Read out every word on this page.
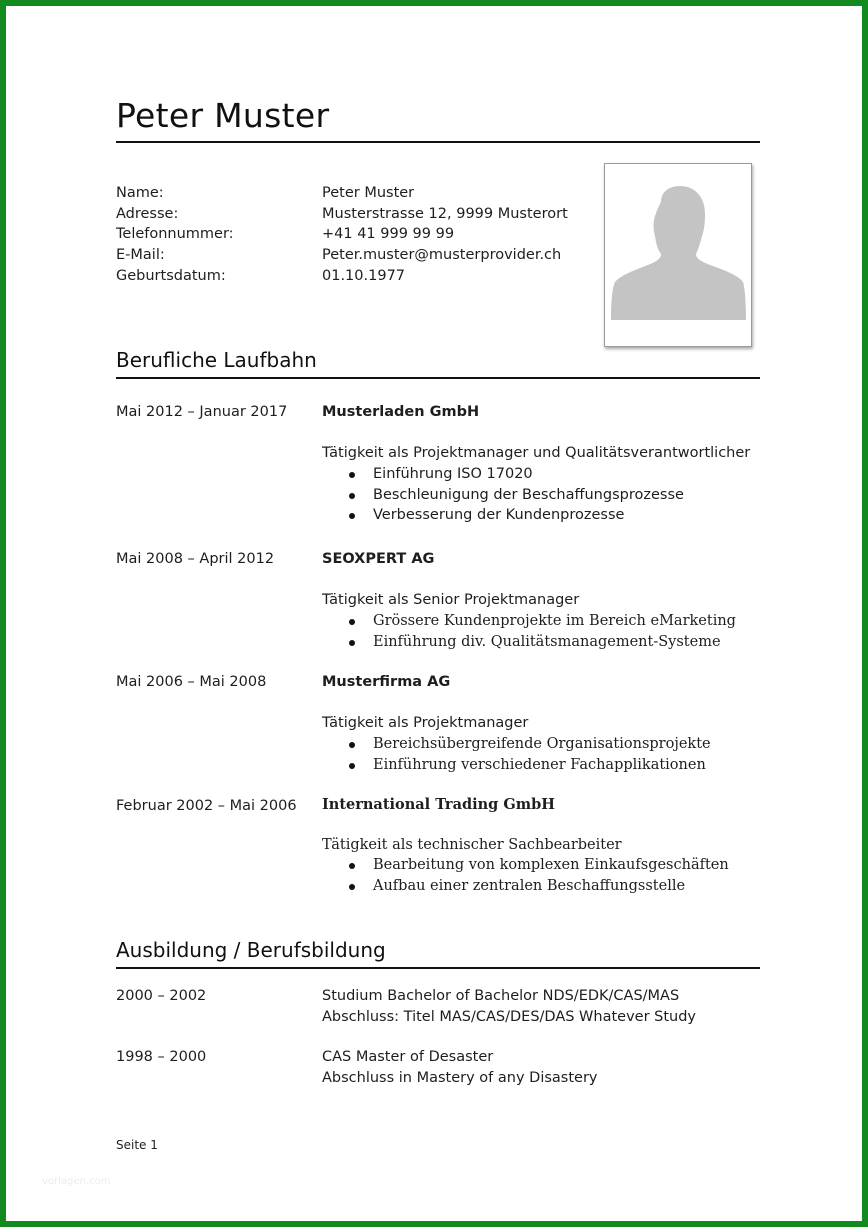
Peter Muster
Name:	Peter Muster
Adresse:	Musterstrasse 12, 9999 Musterort
Telefonnummer:	+41 41 999 99 99
E-Mail:	Peter.muster@musterprovider.ch
Geburtsdatum:	01.10.1977
Berufliche Laufbahn
Mai 2012 – Januar 2017 Musterladen GmbH
Tätigkeit als Projektmanager und Qualitätsverantwortlicher
Einführung ISO 17020
Beschleunigung der Beschaffungsprozesse
Verbesserung der Kundenprozesse
Mai 2008 – April 2012	SEOXPERT AG
Tätigkeit als Senior Projektmanager
Grössere Kundenprojekte im Bereich eMarketing
Einführung div. Qualitätsmanagement-Systeme
Mai 2006 – Mai 2008	Musterfirma AG
Tätigkeit als Projektmanager
Bereichsübergreifende Organisationsprojekte
Einführung verschiedener Fachapplikationen
Februar 2002 – Mai 2006 International Trading GmbH
Tätigkeit als technischer Sachbearbeiter
Bearbeitung von komplexen Einkaufsgeschäften
Aufbau einer zentralen Beschaffungsstelle
Ausbildung / Berufsbildung
2000 – 2002	Studium Bachelor of Bachelor NDS/EDK/CAS/MAS
Abschluss: Titel MAS/CAS/DES/DAS Whatever Study
1998 – 2000	CAS Master of Desaster
Abschluss in Mastery of any Disastery
Seite 1
vorlagen.com
